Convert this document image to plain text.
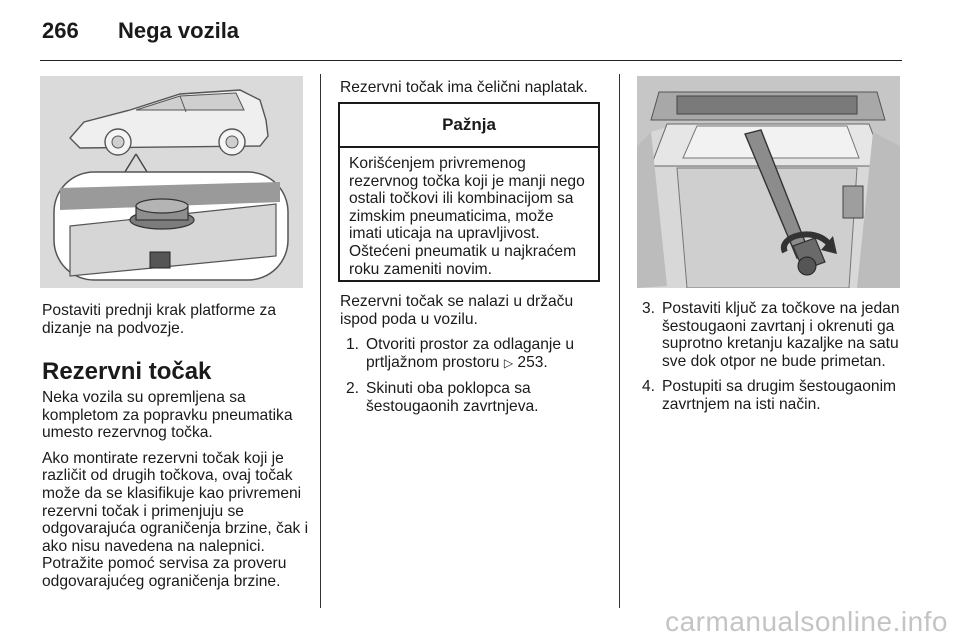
266 Nega vozila

Postaviti prednji krak platforme za dizanje na podvozje.

Rezervni točak

Neka vozila su opremljena sa kompletom za popravku pneumatika umesto rezervnog točka.

Ako montirate rezervni točak koji je različit od drugih točkova, ovaj točak može da se klasifikuje kao privremeni rezervni točak i primenjuju se odgovarajuća ograničenja brzine, čak i ako nisu navedena na nalepnici. Potražite pomoć servisa za proveru odgovarajućeg ograničenja brzine.

Rezervni točak ima čelični naplatak.

Pažnja
Korišćenjem privremenog rezervnog točka koji je manji nego ostali točkovi ili kombinacijom sa zimskim pneumaticima, može imati uticaja na upravljivost. Oštećeni pneumatik u najkraćem roku zameniti novim.

Rezervni točak se nalazi u držaču ispod poda u vozilu.

1. Otvoriti prostor za odlaganje u prtljažnom prostoru ▷ 253.
2. Skinuti oba poklopca sa šestougaonih zavrtnjeva.
3. Postaviti ključ za točkove na jedan šestougaoni zavrtanj i okrenuti ga suprotno kretanju kazaljke na satu sve dok otpor ne bude primetan.
4. Postupiti sa drugim šestougaonim zavrtnjem na isti način.
carmanualsonline.info
